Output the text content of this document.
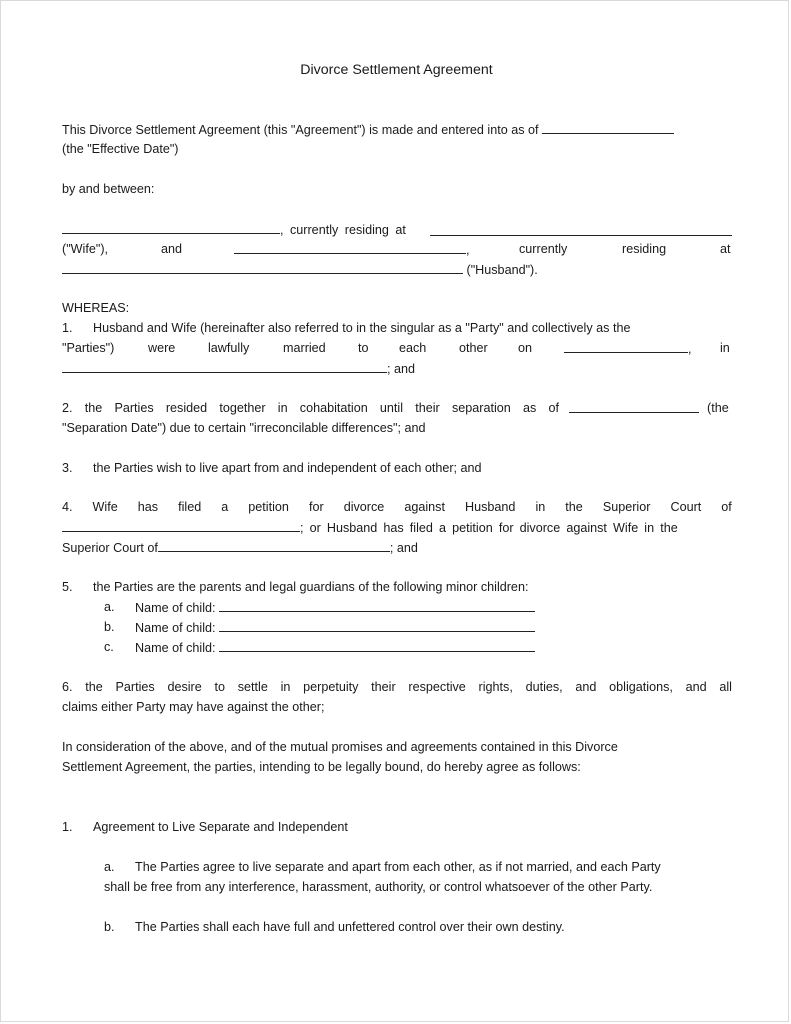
Divorce Settlement Agreement
This Divorce Settlement Agreement (this "Agreement") is made and entered into as of
(the "Effective Date")
by and between:
, currently residing at
("Wife"),	and	,	currently	residing	at
("Husband").
WHEREAS:
1. Husband and Wife (hereinafter also referred to in the singular as a "Party" and collectively as the
"Parties")	were	lawfully	married	to each	other on	, in
; and
2. the Parties resided together in cohabitation until their separation as of	(the
"Separation Date") due to certain "irreconcilable differences"; and
3. the Parties wish to live apart from and independent of each other; and
4. Wife has filed a petition for divorce against Husband in the Superior Court of
; or Husband has filed a petition for divorce against Wife in the
Superior Court of	; and
5. the Parties are the parents and legal guardians of the following minor children:
a. Name of child:
b. Name of child:
c. Name of child:
6. the Parties desire to settle in perpetuity their respective rights, duties, and obligations, and all
claims either Party may have against the other;
In consideration of the above, and of the mutual promises and agreements contained in this Divorce
Settlement Agreement, the parties, intending to be legally bound, do hereby agree as follows:
1. Agreement to Live Separate and Independent
a. The Parties agree to live separate and apart from each other, as if not married, and each Party
shall be free from any interference, harassment, authority, or control whatsoever of the other Party.
b. The Parties shall each have full and unfettered control over their own destiny.
